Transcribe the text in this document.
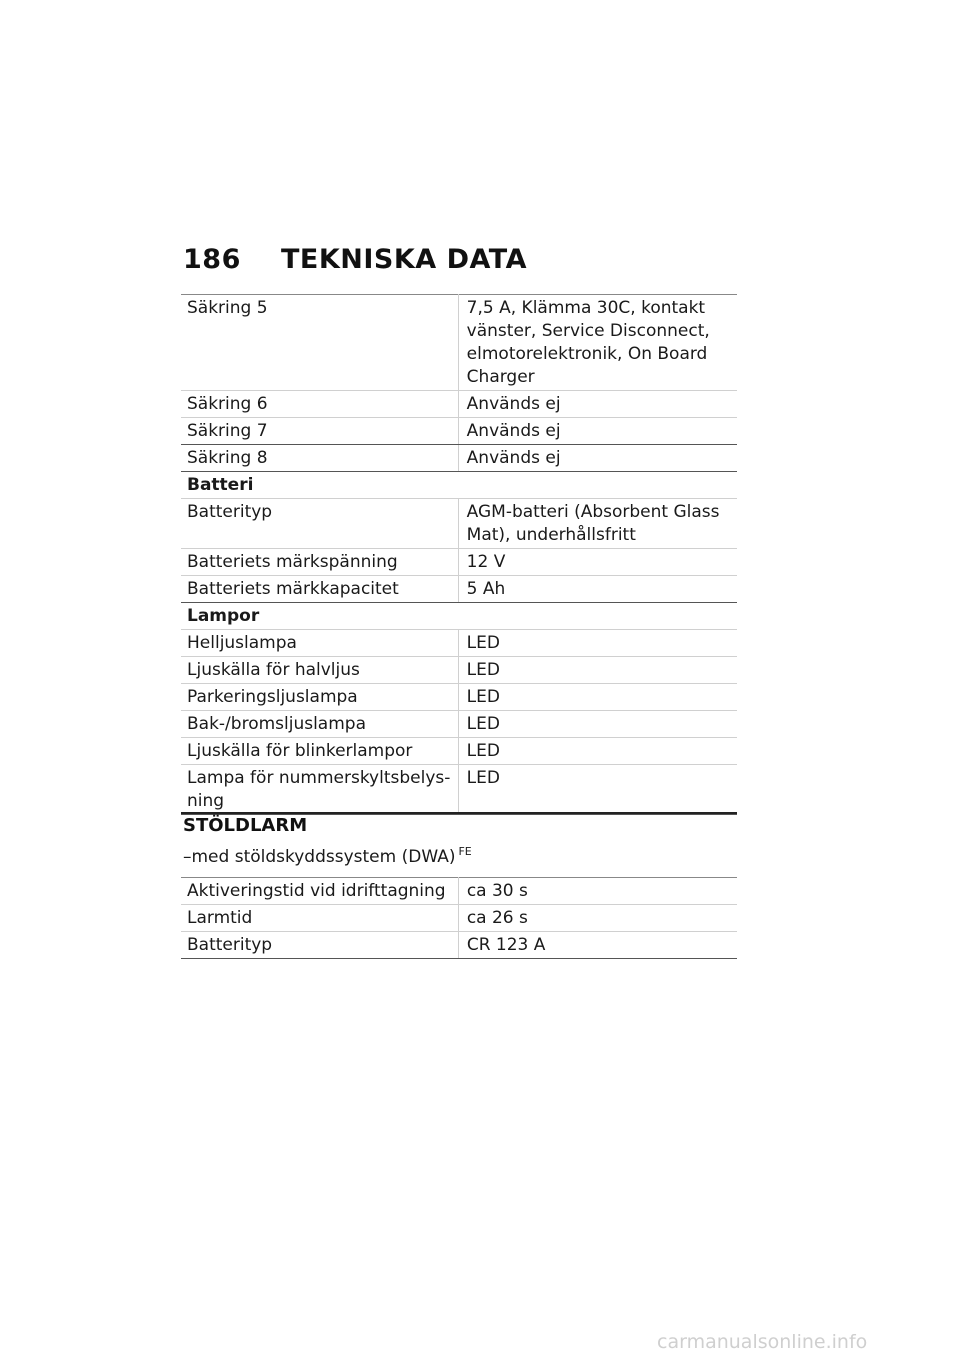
186 TEKNISKA DATA
Säkring 5	7,5 A, Klämma 30C, kontakt vänster, Service Disconnect, elmotorelektronik, On Board Charger
Säkring 6	Används ej
Säkring 7	Används ej
Säkring 8	Används ej
Batteri	
Batterityp	AGM-batteri (Absorbent Glass Mat), underhållsfritt
Batteriets märkspänning	12 V
Batteriets märkkapacitet	5 Ah
Lampor	
Helljuslampa	LED
Ljuskälla för halvljus	LED
Parkeringsljuslampa	LED
Bak-/bromsljuslampa	LED
Ljuskälla för blinkerlampor	LED
Lampa för nummerskyltsbelys-ning	LED
STÖLDLARM
–med stöldskyddssystem (DWA) $^{FE}$
Aktiveringstid vid idrifttagning	ca 30 s
Larmtid	ca 26 s
Batterityp	CR 123 A
carmanualsonline.info
